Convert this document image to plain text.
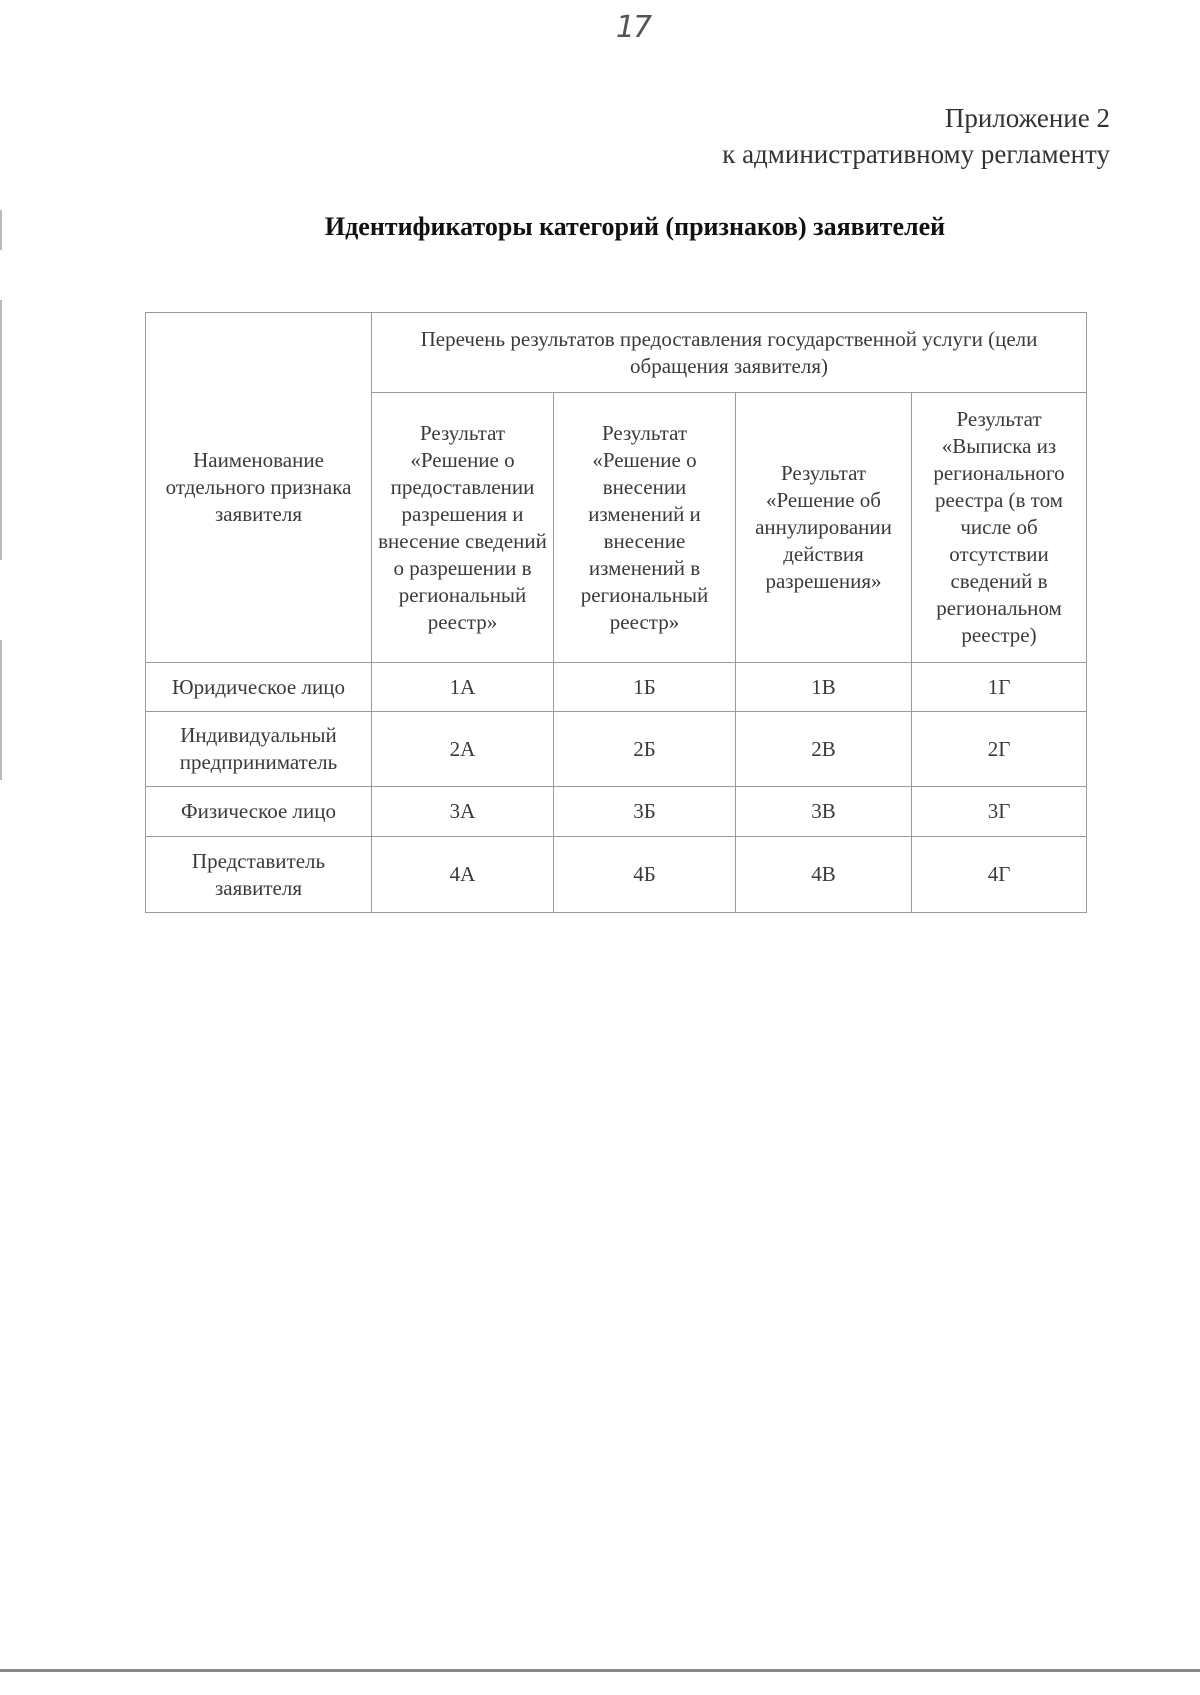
17
Приложение 2
к административному регламенту
Идентификаторы категорий (признаков) заявителей
Наименование отдельного признака заявителя	Перечень результатов предоставления государственной услуги (цели обращения заявителя)			
	Результат «Решение о предоставлении разрешения и внесение сведений о разрешении в региональный реестр»	Результат «Решение о внесении изменений и внесение изменений в региональный реестр»	Результат «Решение об аннулировании действия разрешения»	Результат «Выписка из регионального реестра (в том числе об отсутствии сведений в региональном реестре)
Юридическое лицо	1А	1Б	1В	1Г
Индивидуальный предприниматель	2А	2Б	2В	2Г
Физическое лицо	3А	3Б	3В	3Г
Представитель заявителя	4А	4Б	4В	4Г
